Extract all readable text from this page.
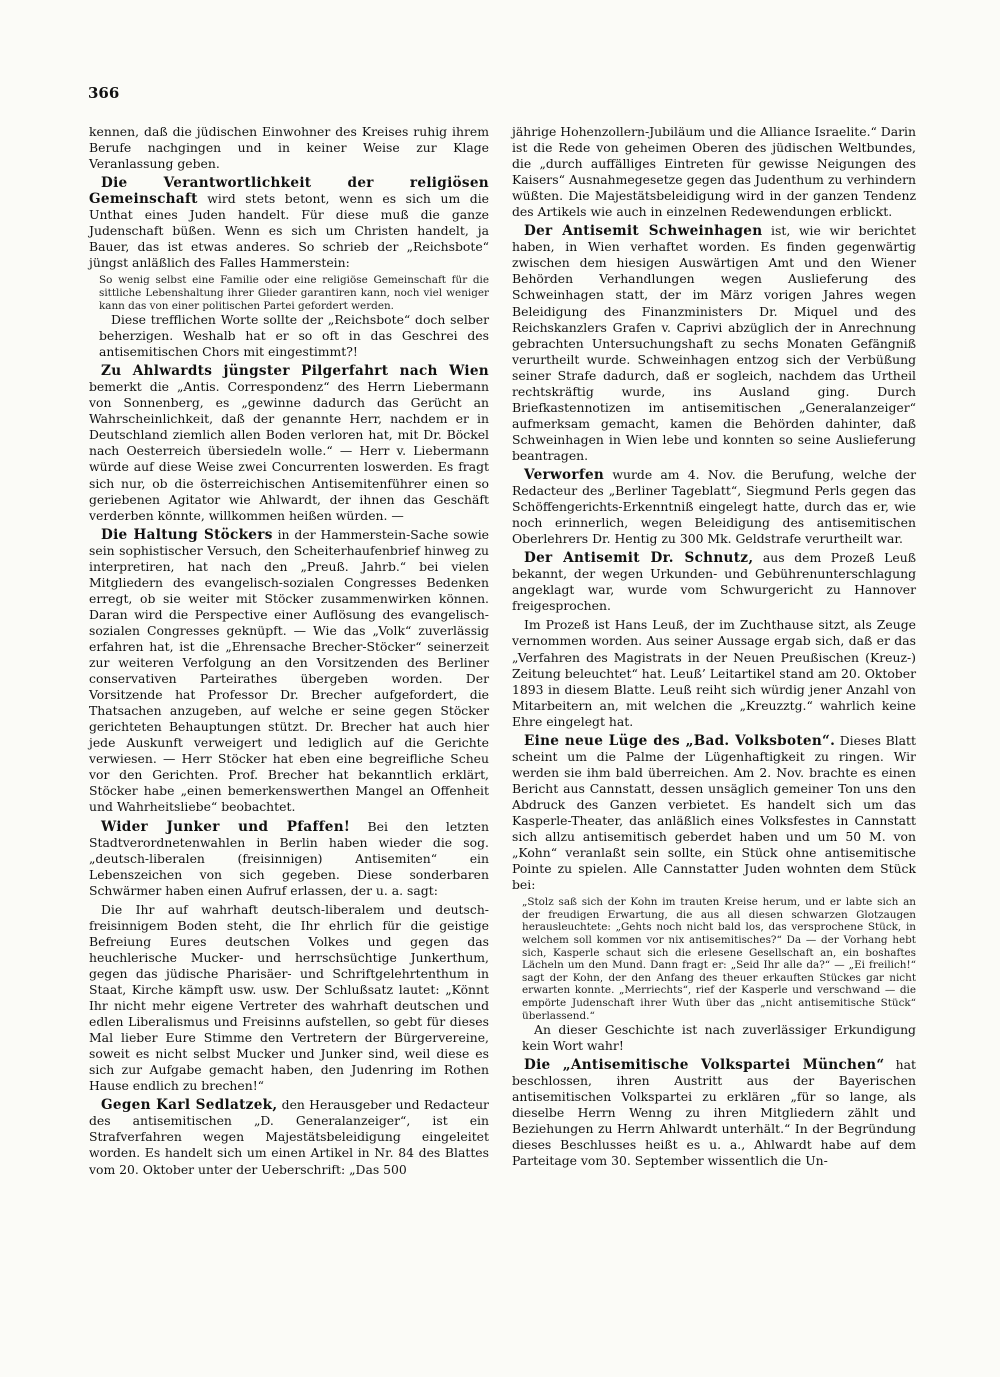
366

kennen, daß die jüdischen Einwohner des Kreises ruhig ihrem Berufe nachgingen und in keiner Weise zur Klage Veranlassung geben.

Die Verantwortlichkeit der religiösen Gemeinschaft wird stets betont, wenn es sich um die Unthat eines Juden handelt. Für diese muß die ganze Judenschaft büßen. Wenn es sich um Christen handelt, ja Bauer, das ist etwas anderes. So schrieb der „Reichsbote“ jüngst anläßlich des Falles Hammerstein:

So wenig selbst eine Familie oder eine religiöse Gemeinschaft für die sittliche Lebenshaltung ihrer Glieder garantiren kann, noch viel weniger kann das von einer politischen Partei gefordert werden.
Diese trefflichen Worte sollte der „Reichsbote“ doch selber beherzigen. Weshalb hat er so oft in das Geschrei des antisemitischen Chors mit eingestimmt?!

Zu Ahlwardts jüngster Pilgerfahrt nach Wien bemerkt die „Antis. Correspondenz“ des Herrn Liebermann von Sonnenberg, es „gewinne dadurch das Gerücht an Wahrscheinlichkeit, daß der genannte Herr, nachdem er in Deutschland ziemlich allen Boden verloren hat, mit Dr. Böckel nach Oesterreich übersiedeln wolle.“ — Herr v. Liebermann würde auf diese Weise zwei Concurrenten loswerden. Es fragt sich nur, ob die österreichischen Antisemitenführer einen so geriebenen Agitator wie Ahlwardt, der ihnen das Geschäft verderben könnte, willkommen heißen würden. —

Die Haltung Stöckers in der Hammerstein-Sache sowie sein sophistischer Versuch, den Scheiterhaufenbrief hinweg zu interpretiren, hat nach den „Preuß. Jahrb.“ bei vielen Mitgliedern des evangelisch-sozialen Congresses Bedenken erregt, ob sie weiter mit Stöcker zusammenwirken können. Daran wird die Perspective einer Auflösung des evangelisch-sozialen Congresses geknüpft. — Wie das „Volk“ zuverlässig erfahren hat, ist die „Ehrensache Brecher-Stöcker“ seinerzeit zur weiteren Verfolgung an den Vorsitzenden des Berliner conservativen Parteirathes übergeben worden. Der Vorsitzende hat Professor Dr. Brecher aufgefordert, die Thatsachen anzugeben, auf welche er seine gegen Stöcker gerichteten Behauptungen stützt. Dr. Brecher hat auch hier jede Auskunft verweigert und lediglich auf die Gerichte verwiesen. — Herr Stöcker hat eben eine begreifliche Scheu vor den Gerichten. Prof. Brecher hat bekanntlich erklärt, Stöcker habe „einen bemerkenswerthen Mangel an Offenheit und Wahrheitsliebe“ beobachtet.

Wider Junker und Pfaffen! Bei den letzten Stadtverordnetenwahlen in Berlin haben wieder die sog. „deutsch-liberalen (freisinnigen) Antisemiten“ ein Lebenszeichen von sich gegeben. Diese sonderbaren Schwärmer haben einen Aufruf erlassen, der u. a. sagt:

Die Ihr auf wahrhaft deutsch-liberalem und deutsch-freisinnigem Boden steht, die Ihr ehrlich für die geistige Befreiung Eures deutschen Volkes und gegen das heuchlerische Mucker- und herrschsüchtige Junkerthum, gegen das jüdische Pharisäer- und Schriftgelehrtenthum in Staat, Kirche kämpft usw. usw. Der Schlußsatz lautet: „Könnt Ihr nicht mehr eigene Vertreter des wahrhaft deutschen und edlen Liberalismus und Freisinns aufstellen, so gebt für dieses Mal lieber Eure Stimme den Vertretern der Bürgervereine, soweit es nicht selbst Mucker und Junker sind, weil diese es sich zur Aufgabe gemacht haben, den Judenring im Rothen Hause endlich zu brechen!“

Gegen Karl Sedlatzek, den Herausgeber und Redacteur des antisemitischen „D. Generalanzeiger“, ist ein Strafverfahren wegen Majestätsbeleidigung eingeleitet worden. Es handelt sich um einen Artikel in Nr. 84 des Blattes vom 20. Oktober unter der Ueberschrift: „Das 500

jährige Hohenzollern-Jubiläum und die Alliance Israelite.“ Darin ist die Rede von geheimen Oberen des jüdischen Weltbundes, die „durch auffälliges Eintreten für gewisse Neigungen des Kaisers“ Ausnahmegesetze gegen das Judenthum zu verhindern wüßten. Die Majestätsbeleidigung wird in der ganzen Tendenz des Artikels wie auch in einzelnen Redewendungen erblickt.

Der Antisemit Schweinhagen ist, wie wir berichtet haben, in Wien verhaftet worden. Es finden gegenwärtig zwischen dem hiesigen Auswärtigen Amt und den Wiener Behörden Verhandlungen wegen Auslieferung des Schweinhagen statt, der im März vorigen Jahres wegen Beleidigung des Finanzministers Dr. Miquel und des Reichskanzlers Grafen v. Caprivi abzüglich der in Anrechnung gebrachten Untersuchungshaft zu sechs Monaten Gefängniß verurtheilt wurde. Schweinhagen entzog sich der Verbüßung seiner Strafe dadurch, daß er sogleich, nachdem das Urtheil rechtskräftig wurde, ins Ausland ging. Durch Briefkastennotizen im antisemitischen „Generalanzeiger“ aufmerksam gemacht, kamen die Behörden dahinter, daß Schweinhagen in Wien lebe und konnten so seine Auslieferung beantragen.

Verworfen wurde am 4. Nov. die Berufung, welche der Redacteur des „Berliner Tageblatt“, Siegmund Perls gegen das Schöffengerichts-Erkenntniß eingelegt hatte, durch das er, wie noch erinnerlich, wegen Beleidigung des antisemitischen Oberlehrers Dr. Hentig zu 300 Mk. Geldstrafe verurtheilt war.

Der Antisemit Dr. Schnutz, aus dem Prozeß Leuß bekannt, der wegen Urkunden- und Gebührenunterschlagung angeklagt war, wurde vom Schwurgericht zu Hannover freigesprochen.

Im Prozeß ist Hans Leuß, der im Zuchthause sitzt, als Zeuge vernommen worden. Aus seiner Aussage ergab sich, daß er das „Verfahren des Magistrats in der Neuen Preußischen (Kreuz-) Zeitung beleuchtet“ hat. Leuß’ Leitartikel stand am 20. Oktober 1893 in diesem Blatte. Leuß reiht sich würdig jener Anzahl von Mitarbeitern an, mit welchen die „Kreuzztg.“ wahrlich keine Ehre eingelegt hat.

Eine neue Lüge des „Bad. Volksboten“. Dieses Blatt scheint um die Palme der Lügenhaftigkeit zu ringen. Wir werden sie ihm bald überreichen. Am 2. Nov. brachte es einen Bericht aus Cannstatt, dessen unsäglich gemeiner Ton uns den Abdruck des Ganzen verbietet. Es handelt sich um das Kasperle-Theater, das anläßlich eines Volksfestes in Cannstatt sich allzu antisemitisch geberdet haben und um 50 M. von „Kohn“ veranlaßt sein sollte, ein Stück ohne antisemitische Pointe zu spielen. Alle Cannstatter Juden wohnten dem Stück bei:

„Stolz saß sich der Kohn im trauten Kreise herum, und er labte sich an der freudigen Erwartung, die aus all diesen schwarzen Glotzaugen herausleuchtete: „Gehts noch nicht bald los, das versprochene Stück, in welchem soll kommen vor nix antisemitisches?“ Da — der Vorhang hebt sich, Kasperle schaut sich die erlesene Gesellschaft an, ein boshaftes Lächeln um den Mund. Dann fragt er: „Seid Ihr alle da?“ — „Ei freilich!“ sagt der Kohn, der den Anfang des theuer erkauften Stückes gar nicht erwarten konnte. „Merriechts“, rief der Kasperle und verschwand — die empörte Judenschaft ihrer Wuth über das „nicht antisemitische Stück“ überlassend.“
An dieser Geschichte ist nach zuverlässiger Erkundigung kein Wort wahr!

Die „Antisemitische Volkspartei München“ hat beschlossen, ihren Austritt aus der Bayerischen antisemitischen Volkspartei zu erklären „für so lange, als dieselbe Herrn Wenng zu ihren Mitgliedern zählt und Beziehungen zu Herrn Ahlwardt unterhält.“ In der Begründung dieses Beschlusses heißt es u. a., Ahlwardt habe auf dem Parteitage vom 30. September wissentlich die Un-
